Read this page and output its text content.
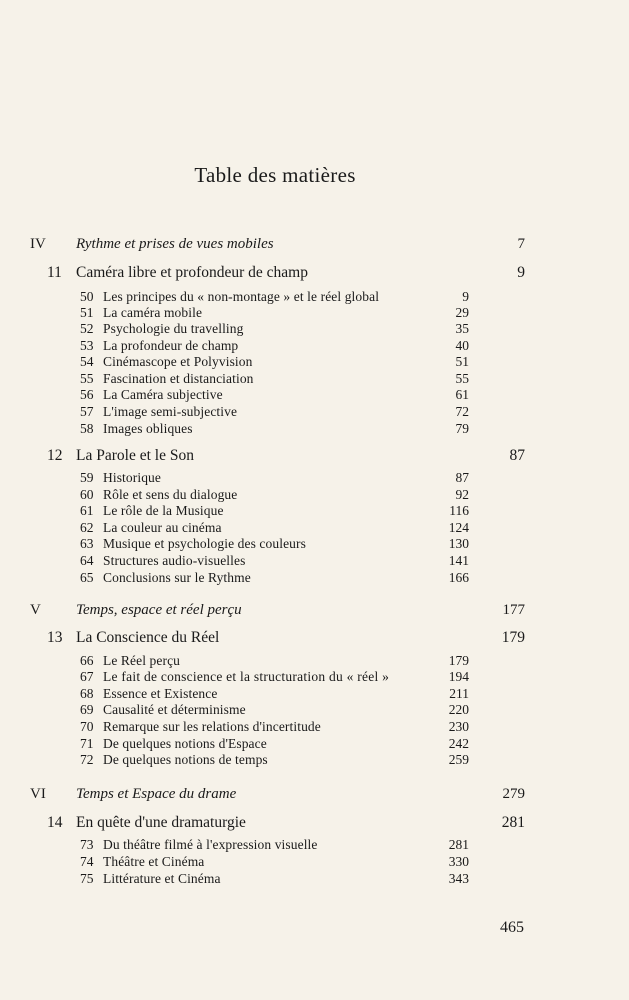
Table des matières
IV Rythme et prises de vues mobiles	7
11 Caméra libre et profondeur de champ	9
50 Les principes du « non-montage » et le réel global	9
51 La caméra mobile	29
52 Psychologie du travelling	35
53 La profondeur de champ	40
54 Cinémascope et Polyvision	51
55 Fascination et distanciation	55
56 La Caméra subjective	61
57 L'image semi-subjective	72
58 Images obliques	79
12 La Parole et le Son	87
59 Historique	87
60 Rôle et sens du dialogue	92
61 Le rôle de la Musique	116
62 La couleur au cinéma	124
63 Musique et psychologie des couleurs	130
64 Structures audio-visuelles	141
65 Conclusions sur le Rythme	166
V Temps, espace et réel perçu	177
13 La Conscience du Réel	179
66 Le Réel perçu	179
67 Le fait de conscience et la structuration du « réel »	194
68 Essence et Existence	211
69 Causalité et déterminisme	220
70 Remarque sur les relations d'incertitude	230
71 De quelques notions d'Espace	242
72 De quelques notions de temps	259
VI Temps et Espace du drame	279
14 En quête d'une dramaturgie	281
73 Du théâtre filmé à l'expression visuelle	281
74 Théâtre et Cinéma	330
75 Littérature et Cinéma	343
465
